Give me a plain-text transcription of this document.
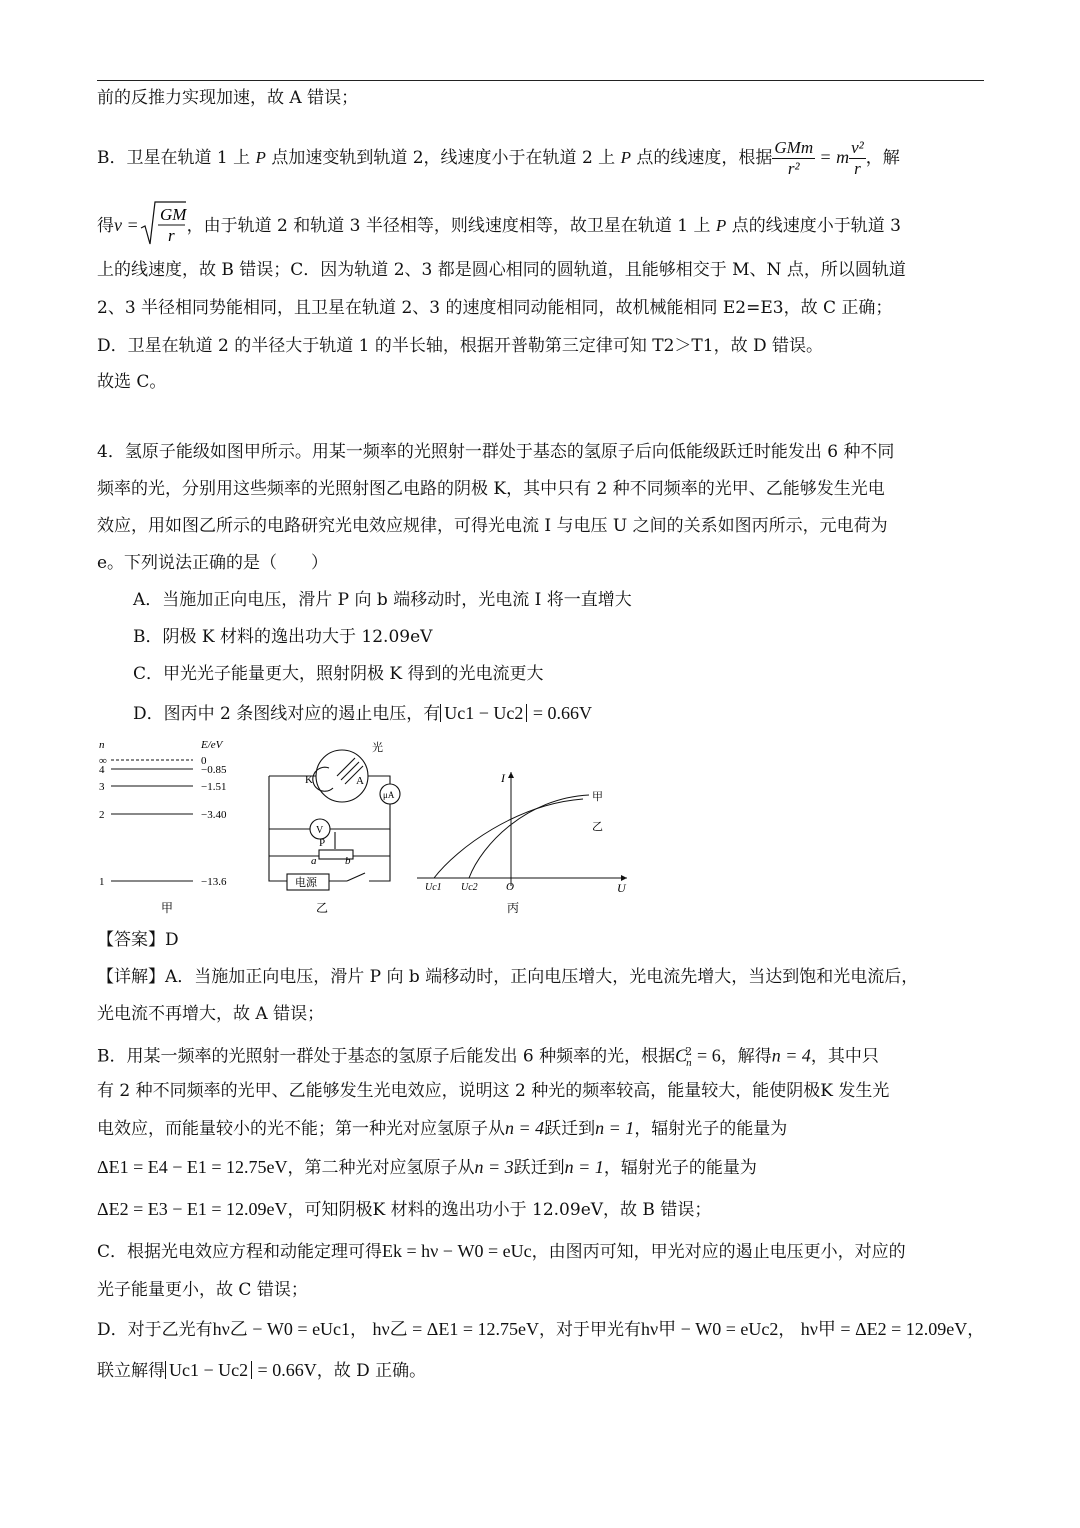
前的反推力实现加速，故 A 错误；
B．卫星在轨道 1 上 P 点加速变轨到轨道 2，线速度小于在轨道 2 上 P 点的线速度，根据 $\frac{\text{GMm}}{\text{r²}} = m \frac{\text{v²}}{r}$ ，解
得v =
GM
r ，由于轨道 2 和轨道 3 半径相等，则线速度相等，故卫星在轨道 1 上 P 点的线速度小于轨道 3
上的线速度，故 B 错误；C．因为轨道 2、3 都是圆心相同的圆轨道，且能够相交于 M、N 点，所以圆轨道
2、3 半径相同势能相同，且卫星在轨道 2、3 的速度相同动能相同，故机械能相同 E2=E3，故 C 正确；
D．卫星在轨道 2 的半径大于轨道 1 的半长轴，根据开普勒第三定律可知 T2＞T1，故 D 错误。
故选 C。
4．氢原子能级如图甲所示。用某一频率的光照射一群处于基态的氢原子后向低能级跃迁时能发出 6 种不同
频率的光，分别用这些频率的光照射图乙电路的阴极 K，其中只有 2 种不同频率的光甲、乙能够发生光电
效应，用如图乙所示的电路研究光电效应规律，可得光电流 I 与电压 U 之间的关系如图丙所示，元电荷为
e。下列说法正确的是（　　）
A．当施加正向电压，滑片 P 向 b 端移动时，光电流 I 将一直增大
B．阴极 K 材料的逸出功大于 12.09eV
C．甲光光子能量更大，照射阴极 K 得到的光电流更大
D．图丙中 2 条图线对应的遏止电压，有 Uc1 − Uc2 = 0.66V
n	E/eV
∞	0
4	−0.85
3	−1.51
2	−3.40
1	−13.6
甲
光
K	A
μA
V
P
a	b
电源
乙
I
U
O
Uc1 Uc2
甲
乙
丙
【答案】D
【详解】A．当施加正向电压，滑片 P 向 b 端移动时，正向电压增大，光电流先增大，当达到饱和光电流后，
光电流不再增大，故 A 错误；
B．用某一频率的光照射一群处于基态的氢原子后能发出 6 种频率的光，根据$C^2_n = 6$，解得n = 4，其中只
有 2 种不同频率的光甲、乙能够发生光电效应，说明这 2 种光的频率较高，能量较大，能使阴极K 发生光
电效应，而能量较小的光不能；第一种光对应氢原子从n = 4跃迁到n = 1，辐射光子的能量为
ΔE1 = E4 − E1 = 12.75eV，第二种光对应氢原子从n = 3跃迁到n = 1，辐射光子的能量为
ΔE2 = E3 − E1 = 12.09eV，可知阴极K 材料的逸出功小于 12.09eV，故 B 错误；
C．根据光电效应方程和动能定理可得Ek = hν − W0 = eUc，由图丙可知，甲光对应的遏止电压更小，对应的
光子能量更小，故 C 错误；
D．对于乙光有hν乙 − W0 = eUc1， hν乙 = ΔE1 = 12.75eV，对于甲光有hν甲 − W0 = eUc2， hν甲 = ΔE2 = 12.09eV，
联立解得 Uc1 − Uc2 = 0.66V，故 D 正确。
